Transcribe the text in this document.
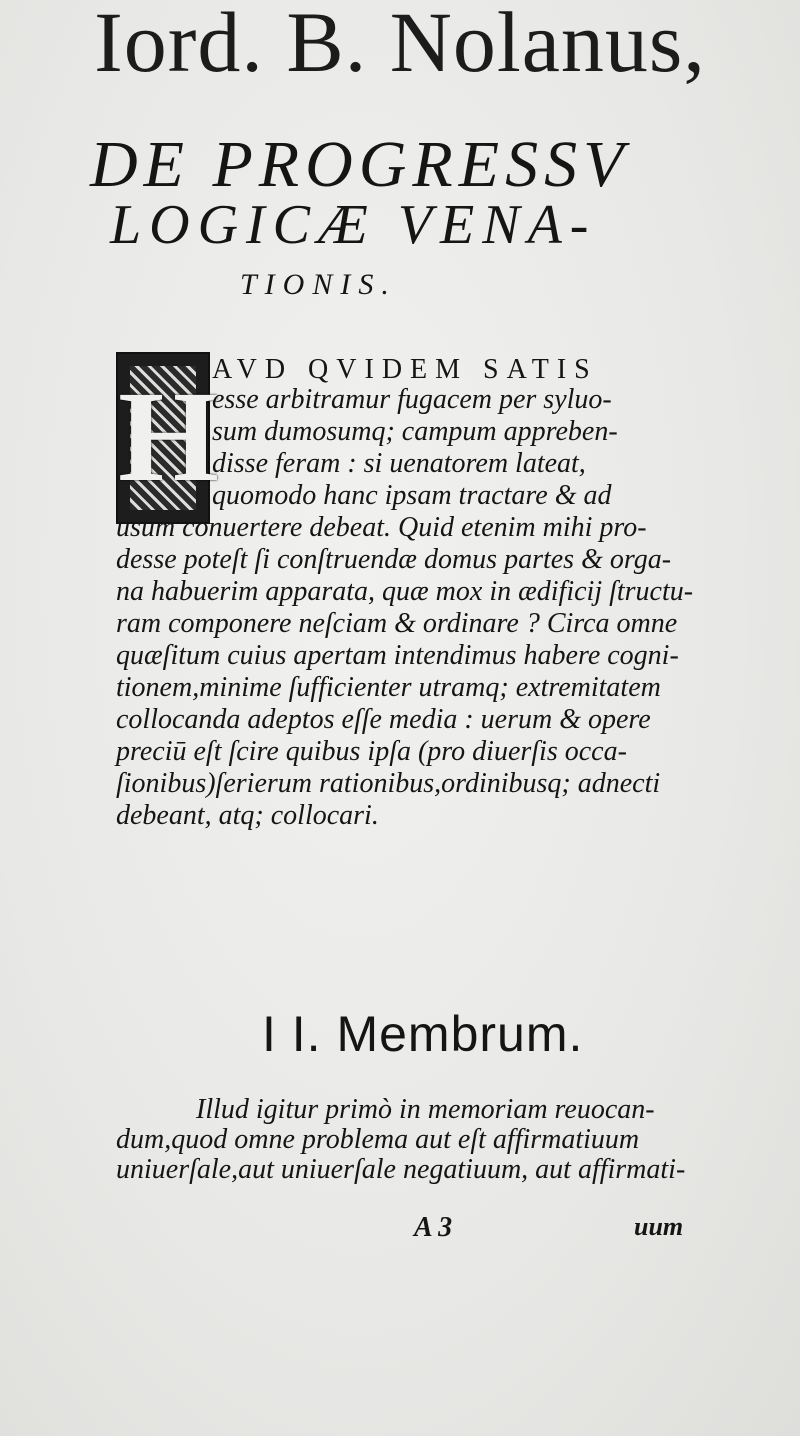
Iord. B. Nolanus,
DE PROGRESSV
LOGICÆ VENA-
TIONIS.
H
AVD QVIDEM SATIS
esse arbitramur fugacem per syluo-
sum dumosumq; campum appreben-
disse feram : si uenatorem lateat,
quomodo hanc ipsam tractare & ad
usum conuertere debeat. Quid etenim mihi pro-
desse poteſt ſi conſtruendæ domus partes & orga-
na habuerim apparata, quæ mox in ædificij ſtructu-
ram componere neſciam & ordinare ? Circa omne
quæſitum cuius apertam intendimus habere cogni-
tionem,minime ſufficienter utramq; extremitatem
collocanda adeptos eſſe media : uerum & opere
preciū eſt ſcire quibus ipſa (pro diuerſis occa-
ſionibus)ſerierum rationibus,ordinibusq; adnecti
debeant, atq; collocari.
I I. Membrum.
Illud igitur primò in memoriam reuocan-
dum,quod omne problema aut eſt affirmatiuum
uniuerſale,aut uniuerſale negatiuum, aut affirmati-
A 3	uum
